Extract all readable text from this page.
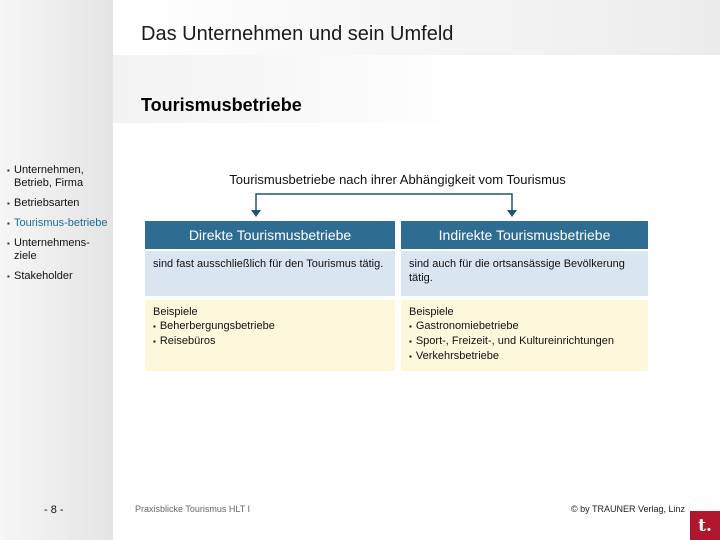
Das Unternehmen und sein Umfeld
Tourismusbetriebe
▪ Unternehmen, Betrieb, Firma
▪ Betriebsarten
▪ Tourismus-betriebe
▪ Unternehmens-ziele
▪ Stakeholder
Tourismusbetriebe nach ihrer Abhängigkeit vom Tourismus
Direkte Tourismusbetriebe
sind fast ausschließlich für den Tourismus tätig.
Beispiele
▪ Beherbergungsbetriebe
▪ Reisebüros
Indirekte Tourismusbetriebe
sind auch für die ortsansässige Bevölkerung tätig.
Beispiele
▪ Gastronomiebetriebe
▪ Sport-, Freizeit-, und Kultureinrichtungen
▪ Verkehrsbetriebe
- 8 -	Praxisblicke Tourismus HLT I	© by TRAUNER Verlag, Linz
t.
